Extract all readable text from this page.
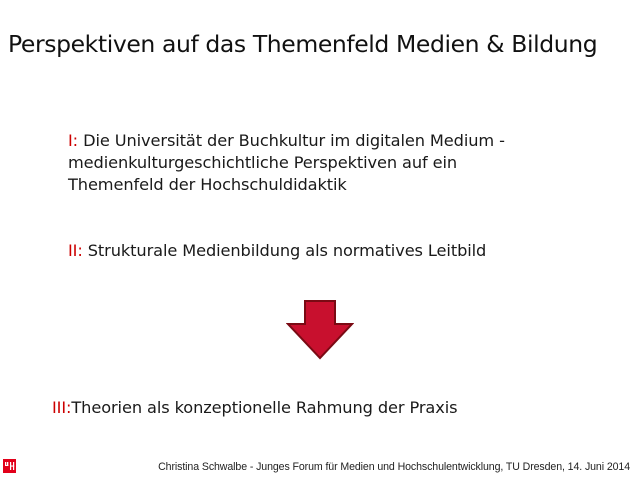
Perspektiven auf das Themenfeld Medien & Bildung
I: Die Universität der Buchkultur im digitalen Medium -
medienkulturgeschichtliche Perspektiven auf ein
Themenfeld der Hochschuldidaktik
II: Strukturale Medienbildung als normatives Leitbild
III:Theorien als konzeptionelle Rahmung der Praxis
Christina Schwalbe - Junges Forum für Medien und Hochschulentwicklung, TU Dresden, 14. Juni 2014
